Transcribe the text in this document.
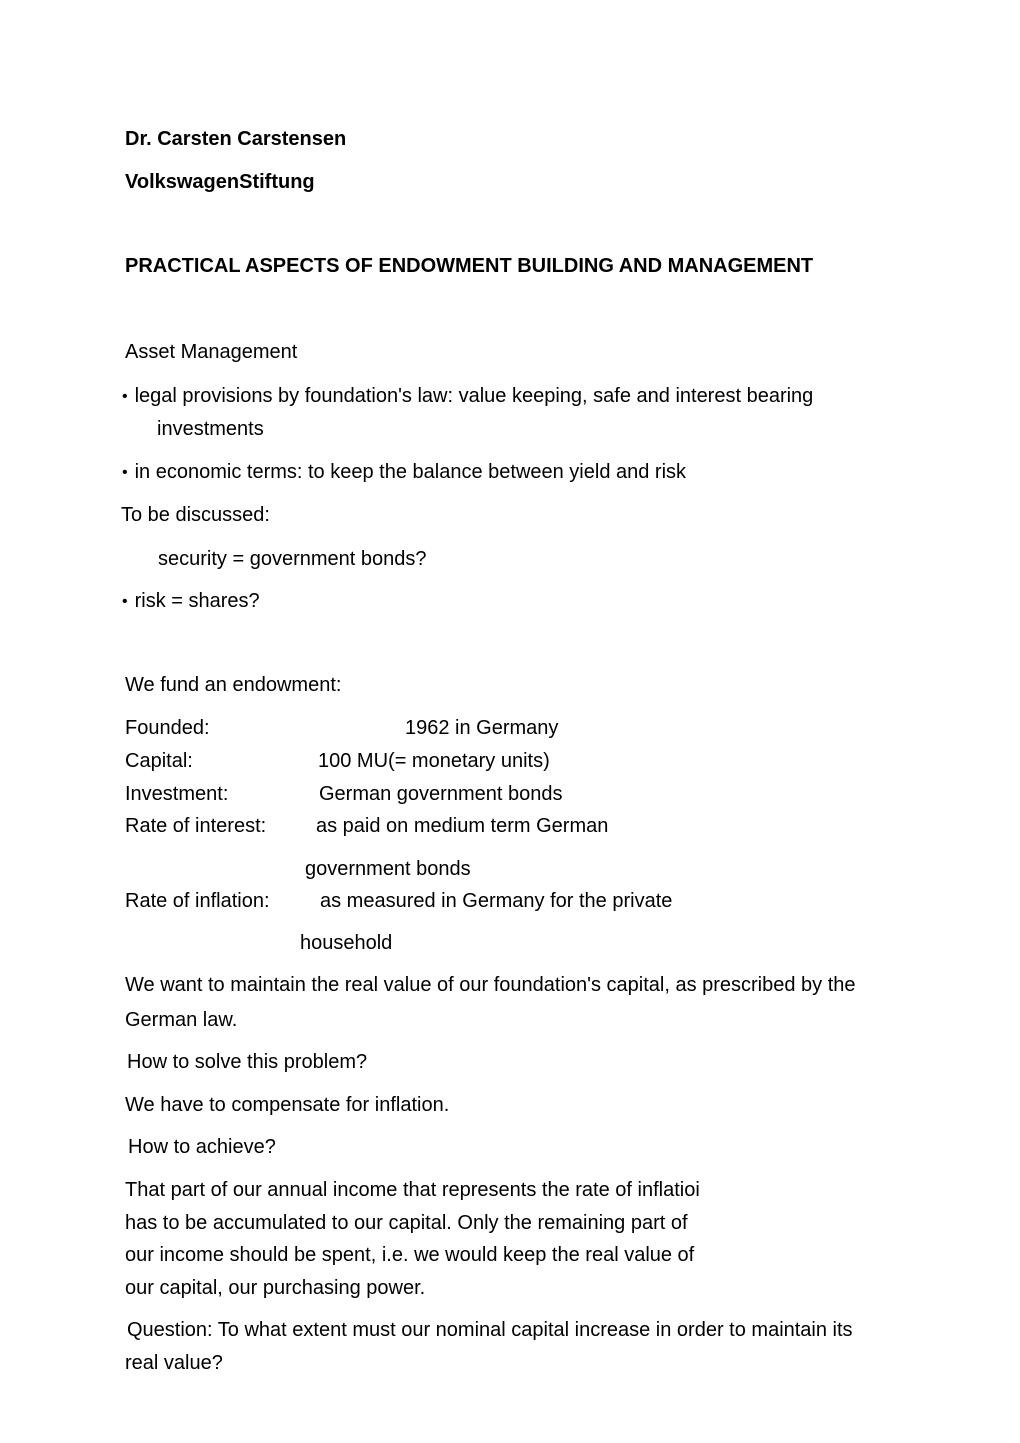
Dr. Carsten Carstensen
VolkswagenStiftung
PRACTICAL ASPECTS OF ENDOWMENT BUILDING AND MANAGEMENT
Asset Management
• legal provisions by foundation's law: value keeping, safe and interest bearing
investments
• in economic terms: to keep the balance between yield and risk
To be discussed:
security = government bonds?
• risk = shares?
We fund an endowment:
Founded:	1962 in Germany
Capital:	100 MU(= monetary units)
Investment:	German government bonds
Rate of interest: as paid on medium term German
government bonds
Rate of inflation:	as measured in Germany for the private
household
We want to maintain the real value of our foundation's capital, as prescribed by the
German law.
How to solve this problem?
We have to compensate for inflation.
How to achieve?
That part of our annual income that represents the rate of inflatioi
has to be accumulated to our capital. Only the remaining part of
our income should be spent, i.e. we would keep the real value of
our capital, our purchasing power.
Question: To what extent must our nominal capital increase in order to maintain its
real value?
